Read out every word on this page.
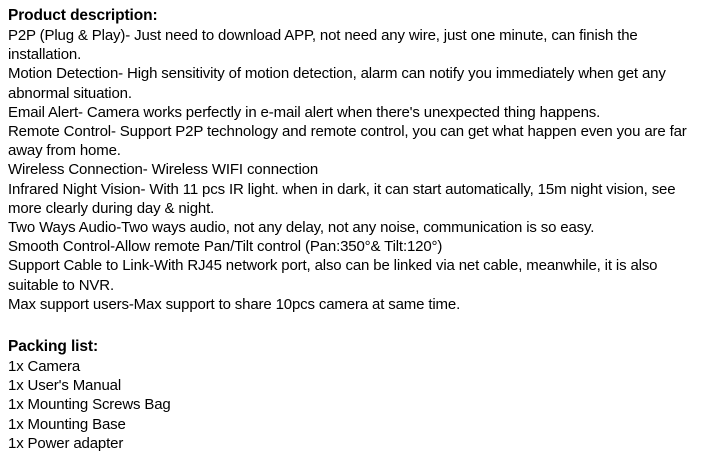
Product description:

P2P (Plug & Play)- Just need to download APP, not need any wire, just one minute, can finish the installation.

Motion Detection- High sensitivity of motion detection, alarm can notify you immediately when get any abnormal situation.

Email Alert- Camera works perfectly in e-mail alert when there's unexpected thing happens.

Remote Control- Support P2P technology and remote control, you can get what happen even you are far away from home.

Wireless Connection- Wireless WIFI connection

Infrared Night Vision- With 11 pcs IR light. when in dark, it can start automatically, 15m night vision, see more clearly during day & night.

Two Ways Audio-Two ways audio, not any delay, not any noise, communication is so easy.

Smooth Control-Allow remote Pan/Tilt control (Pan:350°& Tilt:120°)

Support Cable to Link-With RJ45 network port, also can be linked via net cable, meanwhile, it is also suitable to NVR.

Max support users-Max support to share 10pcs camera at same time.

Packing list:
1x Camera
1x User's Manual
1x Mounting Screws Bag
1x Mounting Base
1x Power adapter
